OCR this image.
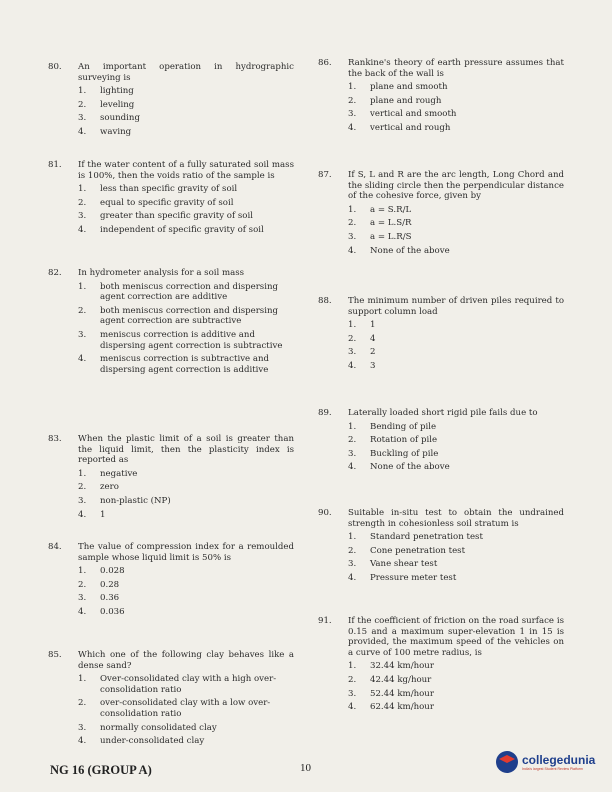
80. An important operation in hydrographic surveying is
1.	lighting
2.	leveling
3.	sounding
4.	waving
81. If the water content of a fully saturated soil mass is 100%, then the voids ratio of the sample is
1.	less than specific gravity of soil
2.	equal to specific gravity of soil
3.	greater than specific gravity of soil
4.	independent of specific gravity of soil
82. In hydrometer analysis for a soil mass
1.	both meniscus correction and dispersing agent correction are additive
2.	both meniscus correction and dispersing agent correction are subtractive
3.	meniscus correction is additive and dispersing agent correction is subtractive
4.	meniscus correction is subtractive and dispersing agent correction is additive
83. When the plastic limit of a soil is greater than the liquid limit, then the plasticity index is reported as
1.	negative
2.	zero
3.	non-plastic (NP)
4.	1
84. The value of compression index for a remoulded sample whose liquid limit is 50% is
1.	0.028
2.	0.28
3.	0.36
4.	0.036
85. Which one of the following clay behaves like a dense sand?
1.	Over-consolidated clay with a high over-consolidation ratio
2.	over-consolidated clay with a low over-consolidation ratio
3.	normally consolidated clay
4.	under-consolidated clay
86. Rankine's theory of earth pressure assumes that the back of the wall is
1.	plane and smooth
2.	plane and rough
3.	vertical and smooth
4.	vertical and rough
87. If S, L and R are the arc length, Long Chord and the sliding circle then the perpendicular distance of the cohesive force, given by
1.	a = S.R/L
2.	a = L.S/R
3.	a = L.R/S
4.	None of the above
88. The minimum number of driven piles required to support column load
1.	1
2.	4
3.	2
4.	3
89. Laterally loaded short rigid pile fails due to
1.	Bending of pile
2.	Rotation of pile
3.	Buckling of pile
4.	None of the above
90. Suitable in-situ test to obtain the undrained strength in cohesionless soil stratum is
1.	Standard penetration test
2.	Cone penetration test
3.	Vane shear test
4.	Pressure meter test
91. If the coefficient of friction on the road surface is 0.15 and a maximum super-elevation 1 in 15 is provided, the maximum speed of the vehicles on a curve of 100 metre radius, is
1.	32.44 km/hour
2.	42.44 kg/hour
3.	52.44 km/hour
4.	62.44 km/hour
NG 16 (GROUP A)	10
collegedunia
India's largest Student Review Platform
